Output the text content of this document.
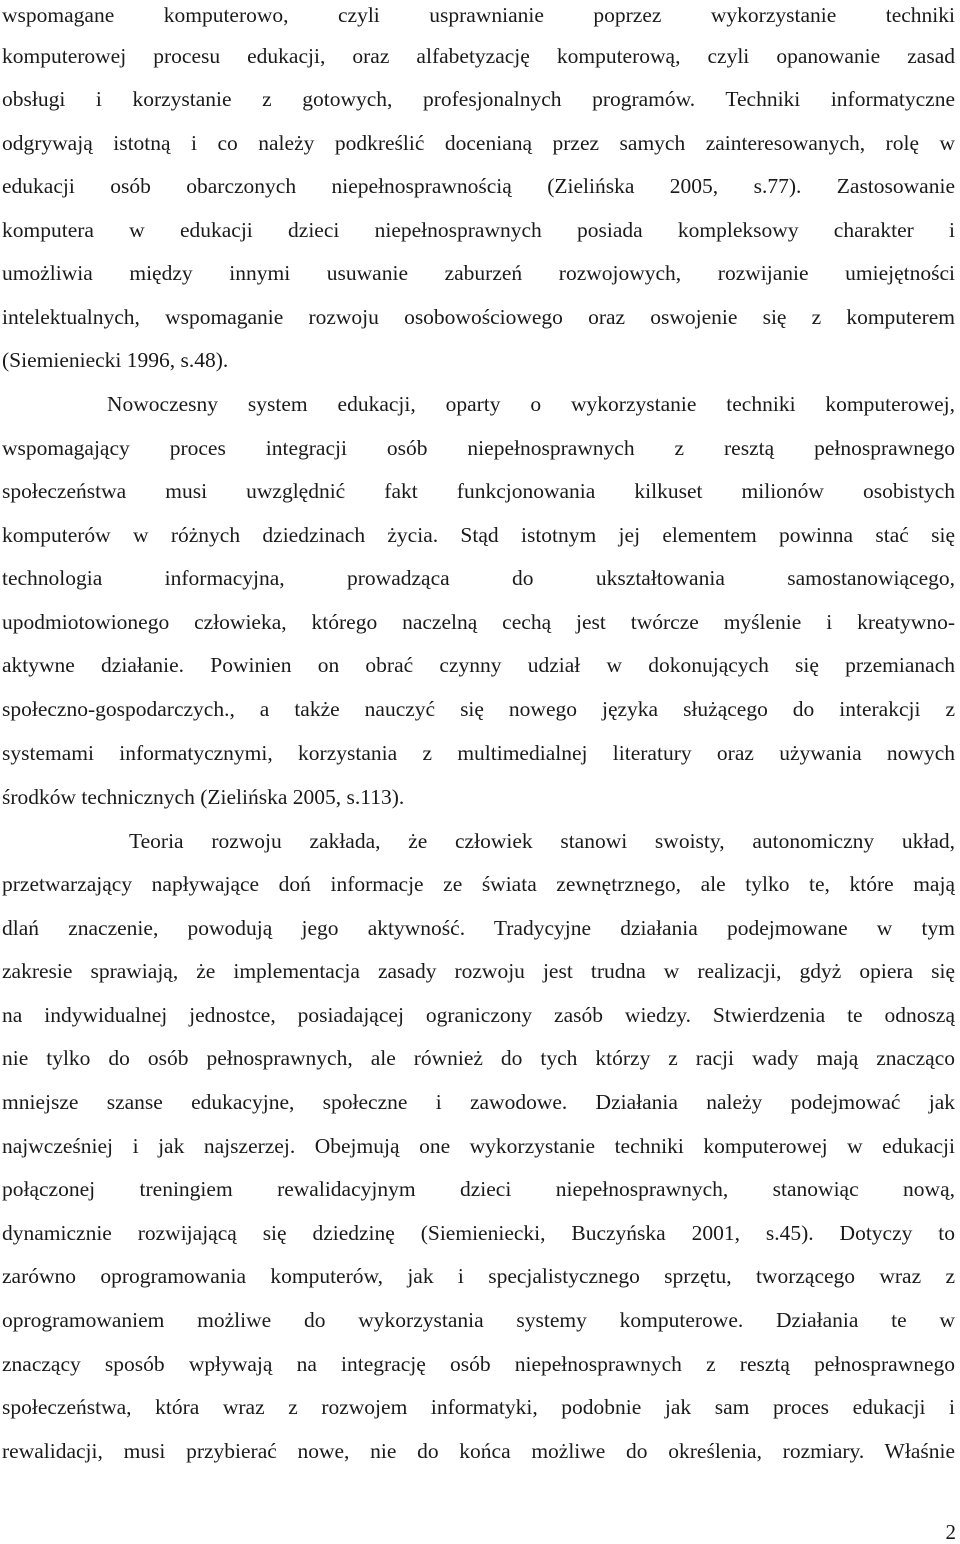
wspomagane komputerowo, czyli usprawnianie poprzez wykorzystanie techniki
komputerowej procesu edukacji, oraz alfabetyzację komputerową, czyli opanowanie zasad
obsługi i korzystanie z gotowych, profesjonalnych programów. Techniki informatyczne
odgrywają istotną i co należy podkreślić docenianą przez samych zainteresowanych, rolę w
edukacji osób obarczonych niepełnosprawnością (Zielińska 2005, s.77). Zastosowanie
komputera w edukacji dzieci niepełnosprawnych posiada kompleksowy charakter i
umożliwia między innymi usuwanie zaburzeń rozwojowych, rozwijanie umiejętności
intelektualnych, wspomaganie rozwoju osobowościowego oraz oswojenie się z komputerem
(Siemieniecki 1996, s.48).
Nowoczesny system edukacji, oparty o wykorzystanie techniki komputerowej,
wspomagający proces integracji osób niepełnosprawnych z resztą pełnosprawnego
społeczeństwa musi uwzględnić fakt funkcjonowania kilkuset milionów osobistych
komputerów w różnych dziedzinach życia. Stąd istotnym jej elementem powinna stać się
technologia informacyjna, prowadząca do ukształtowania samostanowiącego,
upodmiotowionego człowieka, którego naczelną cechą jest twórcze myślenie i kreatywno-
aktywne działanie. Powinien on obrać czynny udział w dokonujących się przemianach
społeczno-gospodarczych., a także nauczyć się nowego języka służącego do interakcji z
systemami informatycznymi, korzystania z multimedialnej literatury oraz używania nowych
środków technicznych (Zielińska 2005, s.113).
Teoria rozwoju zakłada, że człowiek stanowi swoisty, autonomiczny układ,
przetwarzający napływające doń informacje ze świata zewnętrznego, ale tylko te, które mają
dlań znaczenie, powodują jego aktywność. Tradycyjne działania podejmowane w tym
zakresie sprawiają, że implementacja zasady rozwoju jest trudna w realizacji, gdyż opiera się
na indywidualnej jednostce, posiadającej ograniczony zasób wiedzy. Stwierdzenia te odnoszą
nie tylko do osób pełnosprawnych, ale również do tych którzy z racji wady mają znacząco
mniejsze szanse edukacyjne, społeczne i zawodowe. Działania należy podejmować jak
najwcześniej i jak najszerzej. Obejmują one wykorzystanie techniki komputerowej w edukacji
połączonej treningiem rewalidacyjnym dzieci niepełnosprawnych, stanowiąc nową,
dynamicznie rozwijającą się dziedzinę (Siemieniecki, Buczyńska 2001, s.45). Dotyczy to
zarówno oprogramowania komputerów, jak i specjalistycznego sprzętu, tworzącego wraz z
oprogramowaniem możliwe do wykorzystania systemy komputerowe. Działania te w
znaczący sposób wpływają na integrację osób niepełnosprawnych z resztą pełnosprawnego
społeczeństwa, która wraz z rozwojem informatyki, podobnie jak sam proces edukacji i
rewalidacji, musi przybierać nowe, nie do końca możliwe do określenia, rozmiary. Właśnie
2
